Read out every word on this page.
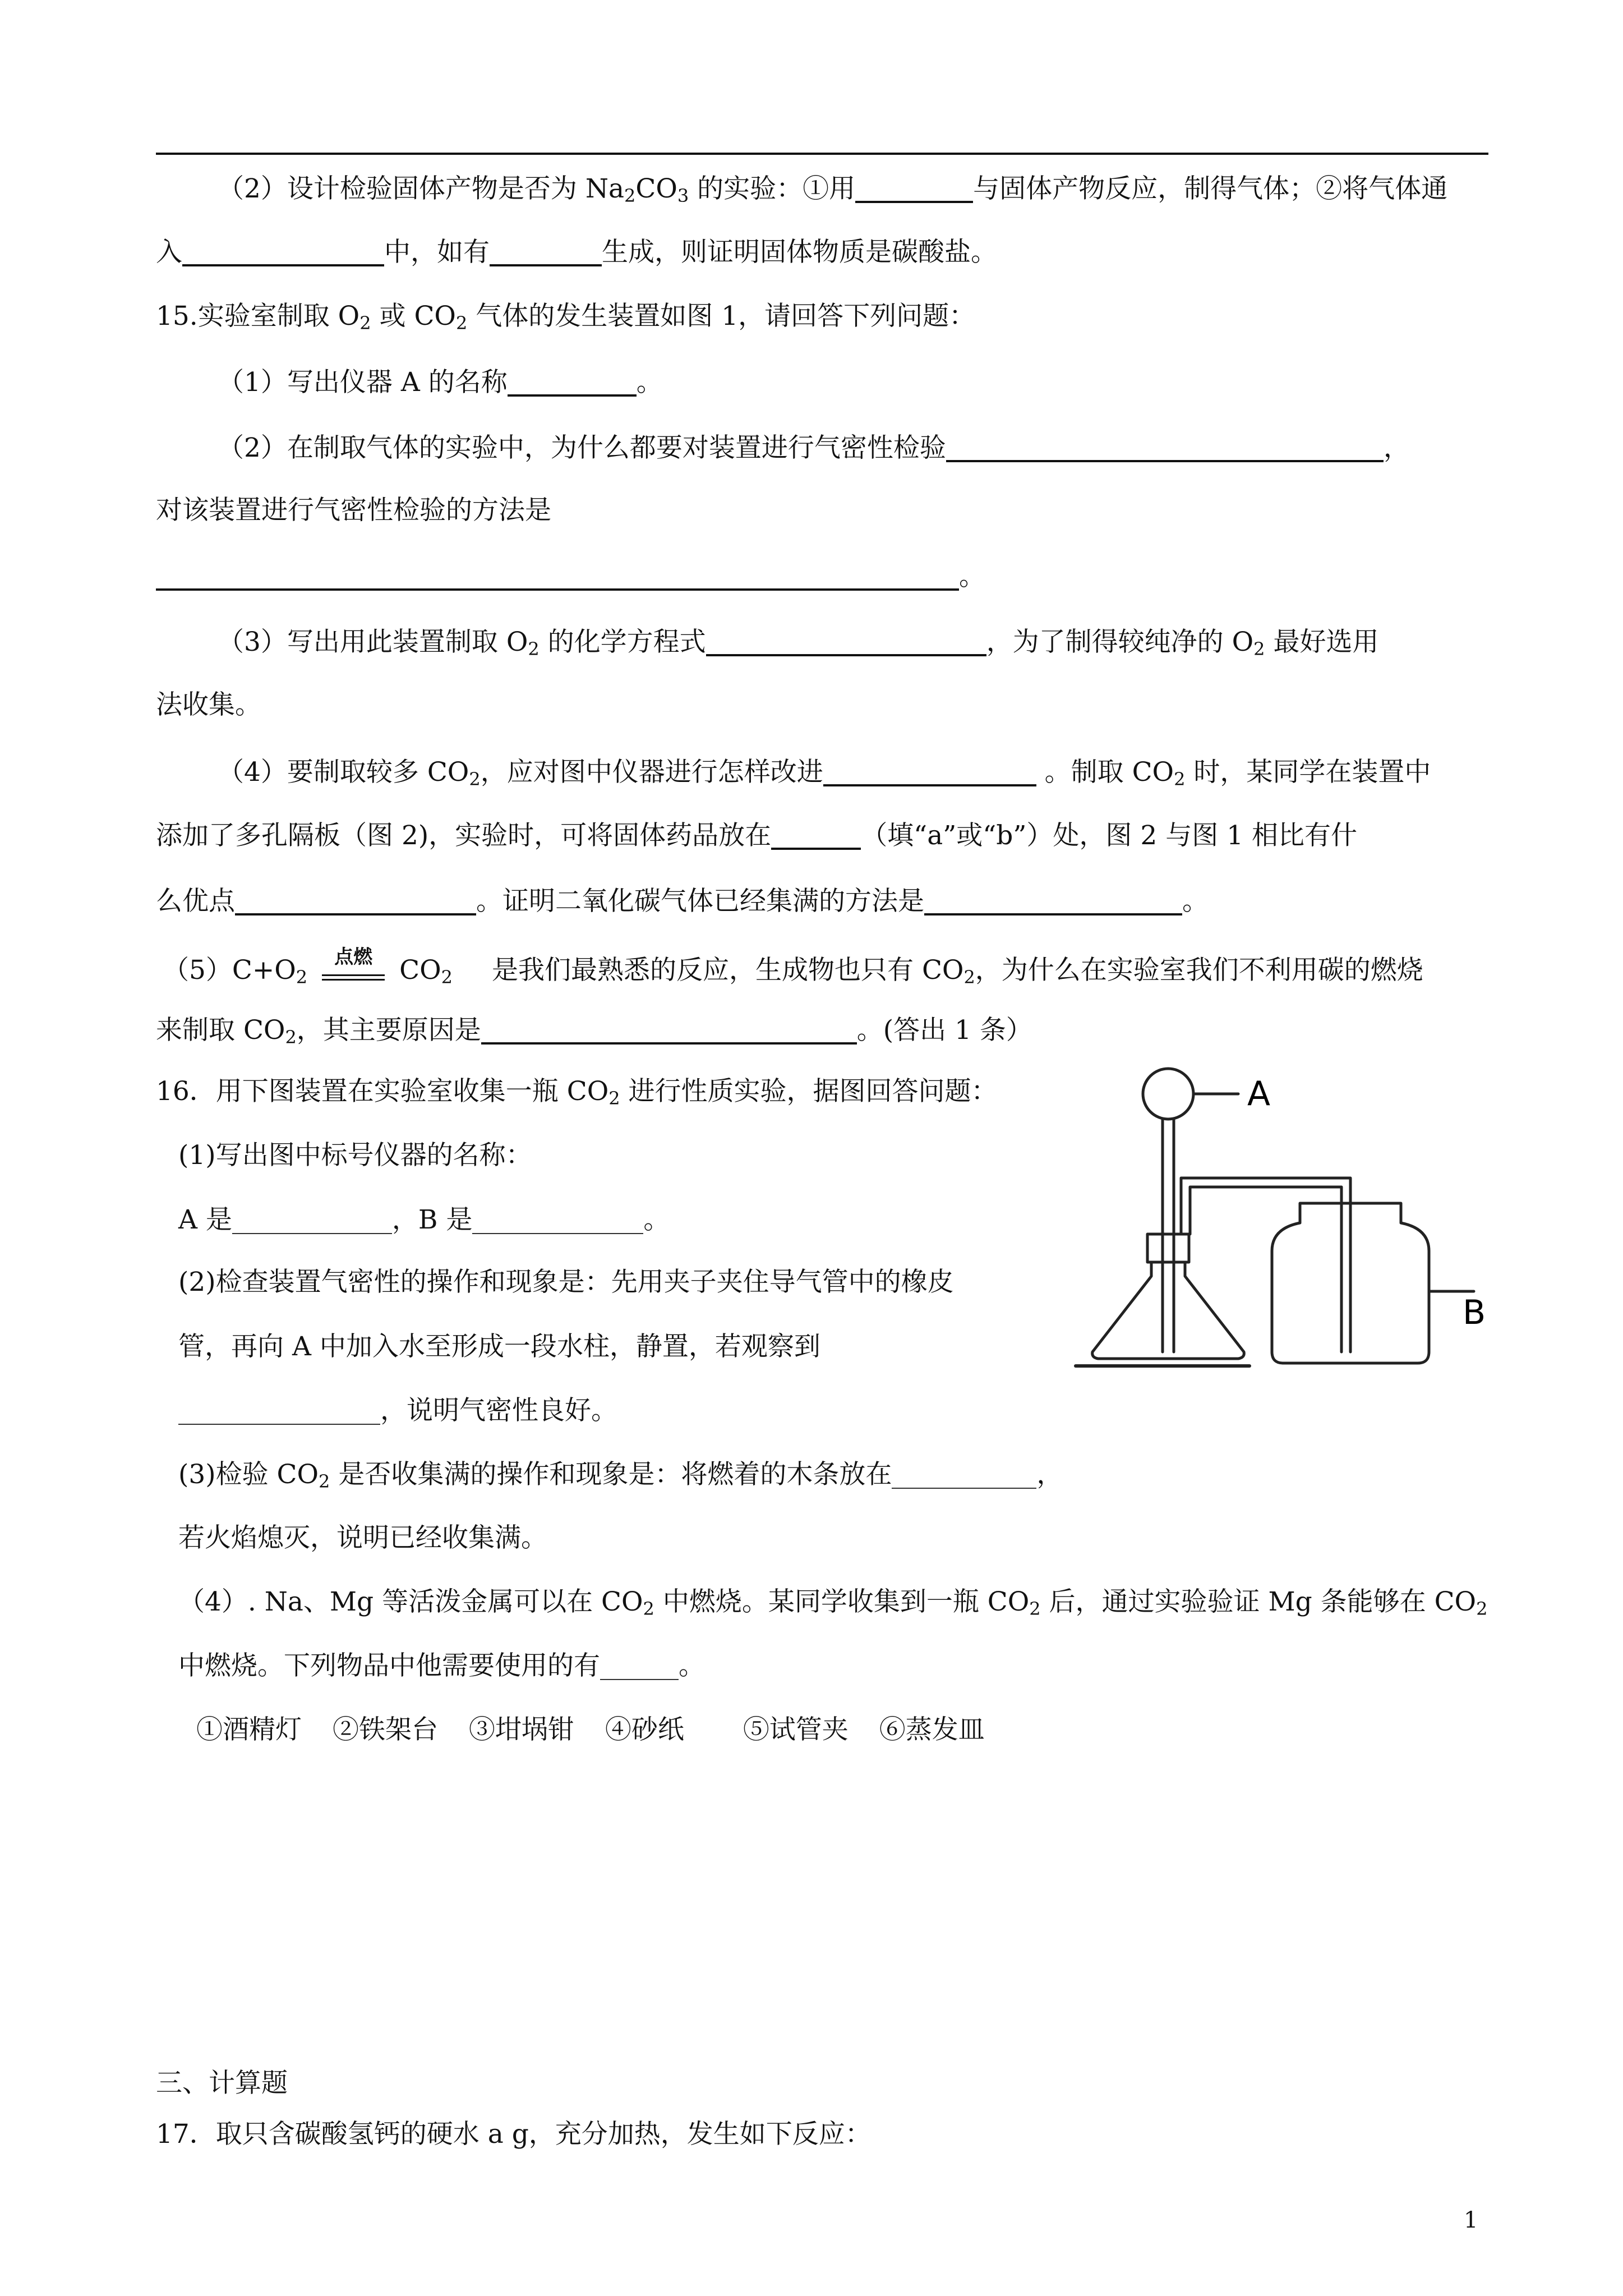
（2）设计检验固体产物是否为 $Na_2CO_3$ 的实验：①用	与固体产物反应，制得气体；②将气体通
入	中，如有	生成，则证明固体物质是碳酸盐。
15.实验室制取 $O_2$ 或 $CO_2$ 气体的发生装置如图 1，请回答下列问题：
（1）写出仪器 A 的名称	。
（2）在制取气体的实验中，为什么都要对装置进行气密性检验	，
对该装置进行气密性检验的方法是
。
（3）写出用此装置制取 $O_2$ 的化学方程式	，为了制得较纯净的 $O_2$ 最好选用
法收集。
（4）要制取较多 $CO_2$，应对图中仪器进行怎样改进	。制取 $CO_2$ 时，某同学在装置中
添加了多孔隔板（图 2)，实验时，可将固体药品放在	（填“a”或“b”）处，图 2 与图 1 相比有什
么优点	。证明二氧化碳气体已经集满的方法是	。
$(5)C+O_2$
点燃	$CO_2$ 是我们最熟悉的反应，生成物也只有 $CO_2$，为什么在实验室我们不利用碳的燃烧
来制取 $CO_2$，其主要原因是	。(答出 1 条）
16．用下图装置在实验室收集一瓶 $CO_2$ 进行性质实验，据图回答问题：
(1)写出图中标号仪器的名称：
A 是	，B 是	。
(2)检查装置气密性的操作和现象是：先用夹子夹住导气管中的橡皮
管，再向 A 中加入水至形成一段水柱，静置，若观察到
，说明气密性良好。
(3)检验 $CO_2$ 是否收集满的操作和现象是：将燃着的木条放在	，
若火焰熄灭，说明已经收集满。
（4）. Na、Mg 等活泼金属可以在 $CO_2$ 中燃烧。某同学收集到一瓶 $CO_2$ 后，通过实验验证 Mg 条能够在 $CO_2$
中燃烧。下列物品中他需要使用的有	。
①酒精灯 ②铁架台 ③坩埚钳 ④砂纸 ⑤试管夹 ⑥蒸发皿
A
B
三、计算题
17．取只含碳酸氢钙的硬水 a g，充分加热，发生如下反应：
1
